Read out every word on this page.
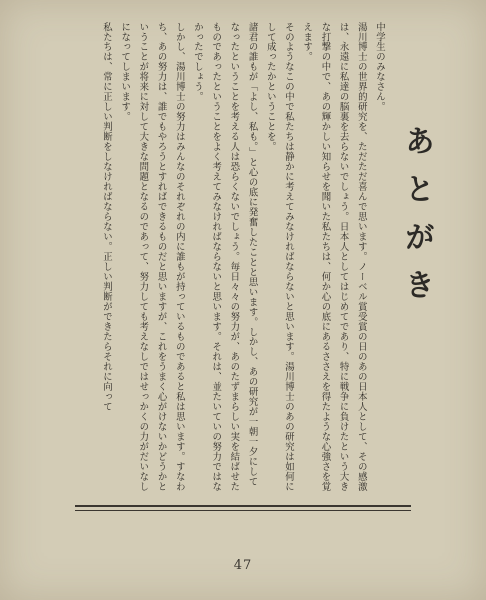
あとがき

中学生のみなさん。

湯川博士の世界的研究を、ただただ喜んで思います。ノーベル賞受賞の日のあの日本人として、その感激は、永遠に私達の脳裏を去らないでしょう。日本人としてはじめてであり、特に戦争に負けたという大きな打撃の中で、あの輝かしい知らせを聞いた私たちは、何か心の底にあるささえを得たような心強さを覚えます。

そのようなこの中で私たちは静かに考えてみなければならないと思います。湯川博士のあの研究は如何にして成ったかということを。

諸君の誰もが「よし、私も。」と心の底に発奮したことと思います。しかし、あの研究が一朝一夕にしてなったということを考える人は恐らくないでしょう。毎日々々の努力が、あのたずまらしい実を結ばせたものであったということをよく考えてみなければならないと思います。それは、並たいていの努力ではなかったでしょう。

しかし、湯川博士の努力はみんなのそれぞれの内に誰もが持っているものであると私は思います。すなわち、あの努力は、誰でもやろうとすればできるものだと思いますが、これをうまく心がけないかどうかということが将来に対して大きな問題となるのであって、努力しても考えなしではせっかくの力がだいなしになってしまいます。

私たちは、常に正しい判断をしなければならない。正しい判断ができたらそれに向って

47
